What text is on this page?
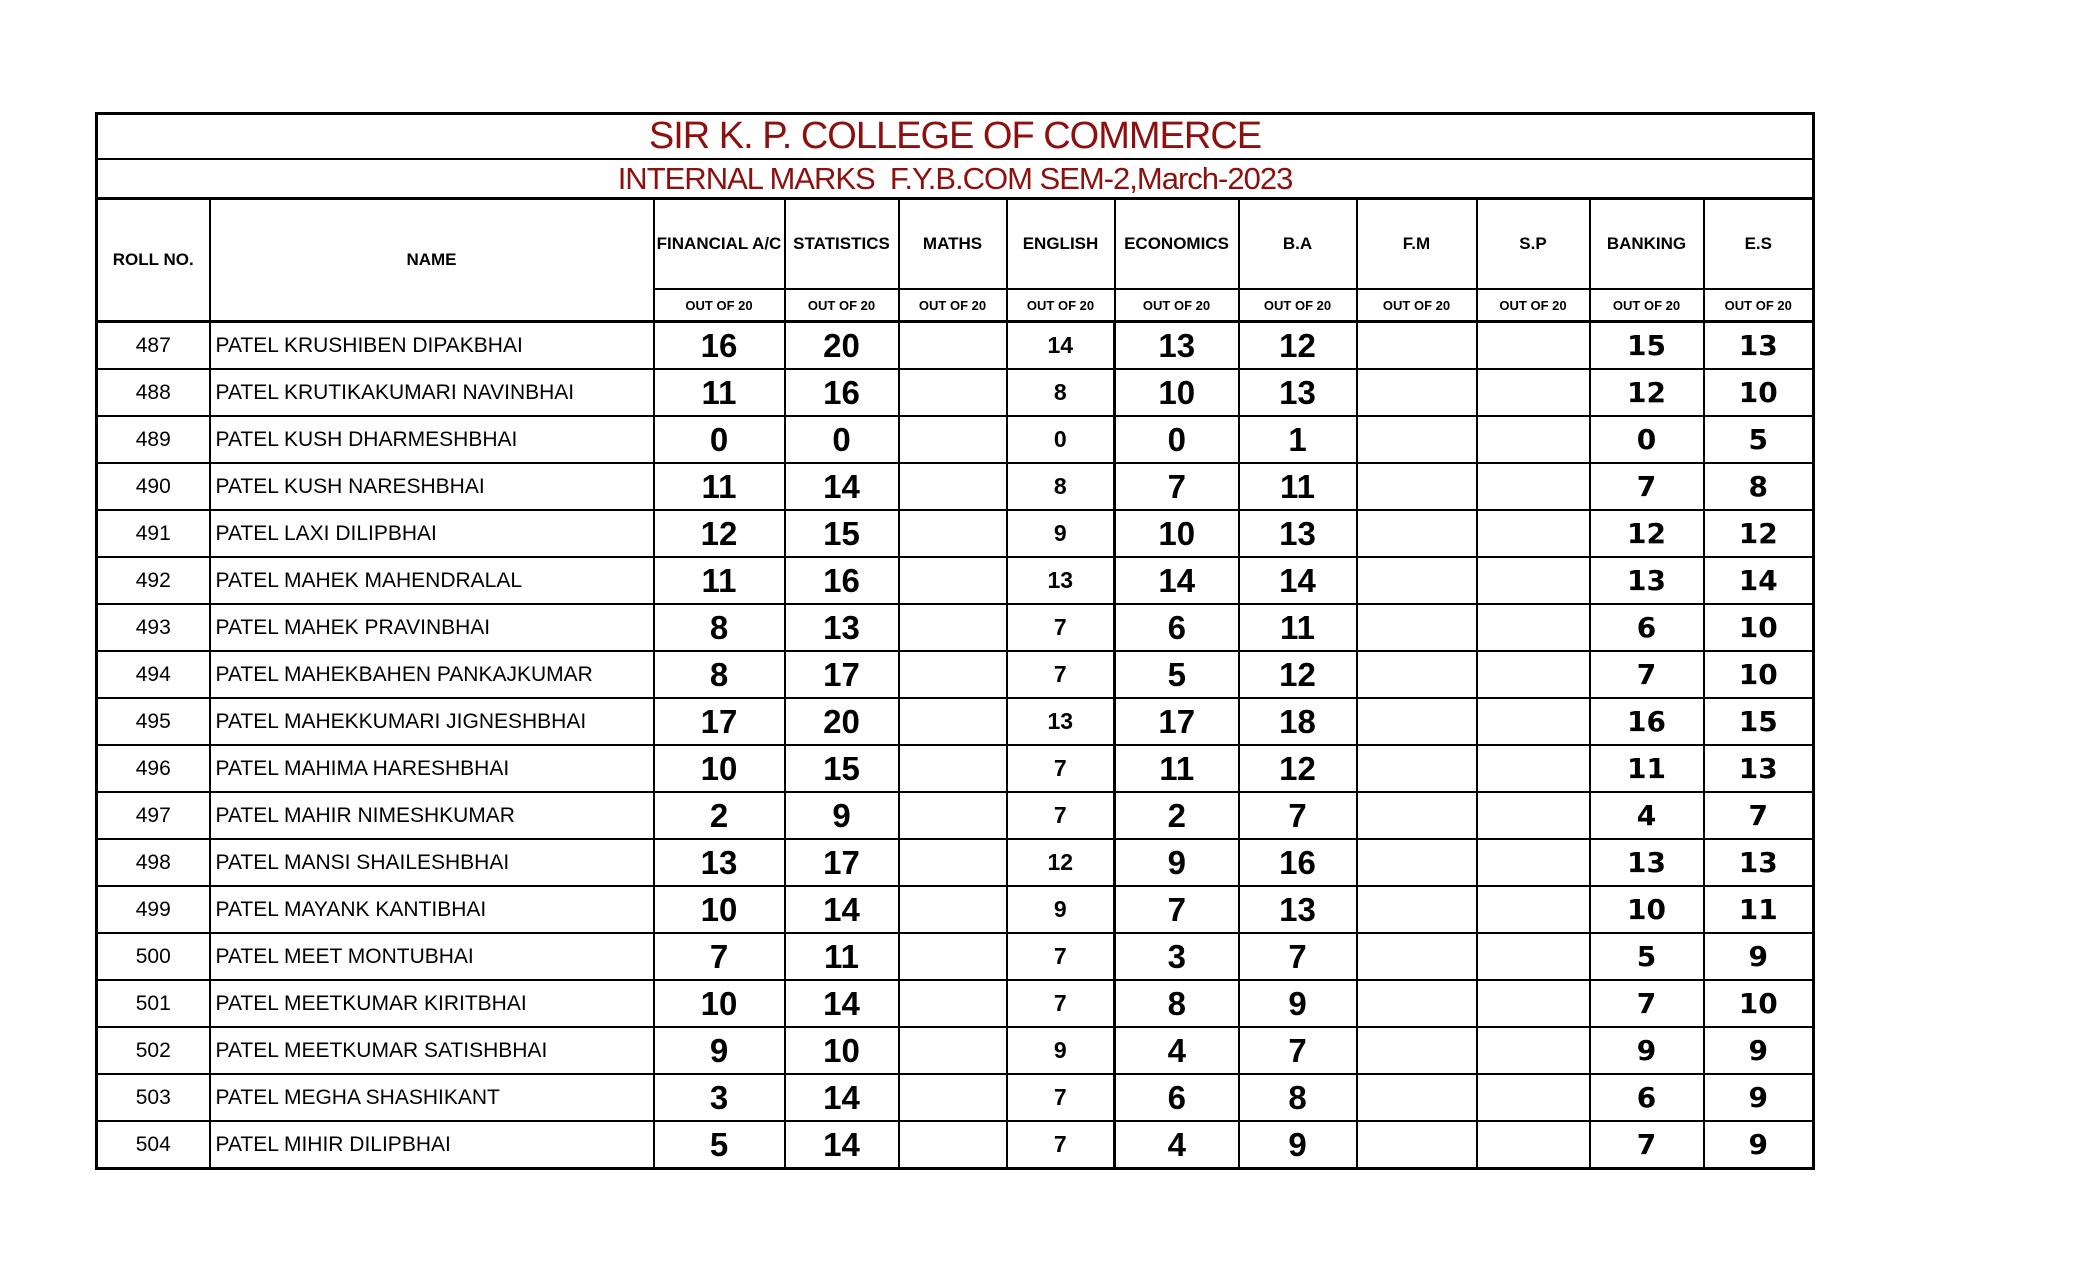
SIR K. P. COLLEGE OF COMMERCE											
INTERNAL MARKS  F.Y.B.COM SEM-2,March-2023											
ROLL NO.	NAME	FINANCIAL A/C	STATISTICS	MATHS	ENGLISH	ECONOMICS	B.A	F.M	S.P	BANKING	E.S
		OUT OF 20	OUT OF 20	OUT OF 20	OUT OF 20	OUT OF 20	OUT OF 20	OUT OF 20	OUT OF 20	OUT OF 20	OUT OF 20
487	PATEL KRUSHIBEN DIPAKBHAI	16	20		14	13	12			15	13
488	PATEL KRUTIKAKUMARI NAVINBHAI	11	16		8	10	13			12	10
489	PATEL KUSH DHARMESHBHAI	0	0		0	0	1			0	5
490	PATEL KUSH NARESHBHAI	11	14		8	7	11			7	8
491	PATEL LAXI DILIPBHAI	12	15		9	10	13			12	12
492	PATEL MAHEK MAHENDRALAL	11	16		13	14	14			13	14
493	PATEL MAHEK PRAVINBHAI	8	13		7	6	11			6	10
494	PATEL MAHEKBAHEN PANKAJKUMAR	8	17		7	5	12			7	10
495	PATEL MAHEKKUMARI JIGNESHBHAI	17	20		13	17	18			16	15
496	PATEL MAHIMA HARESHBHAI	10	15		7	11	12			11	13
497	PATEL MAHIR NIMESHKUMAR	2	9		7	2	7			4	7
498	PATEL MANSI SHAILESHBHAI	13	17		12	9	16			13	13
499	PATEL MAYANK KANTIBHAI	10	14		9	7	13			10	11
500	PATEL MEET MONTUBHAI	7	11		7	3	7			5	9
501	PATEL MEETKUMAR KIRITBHAI	10	14		7	8	9			7	10
502	PATEL MEETKUMAR SATISHBHAI	9	10		9	4	7			9	9
503	PATEL MEGHA SHASHIKANT	3	14		7	6	8			6	9
504	PATEL MIHIR DILIPBHAI	5	14		7	4	9			7	9
